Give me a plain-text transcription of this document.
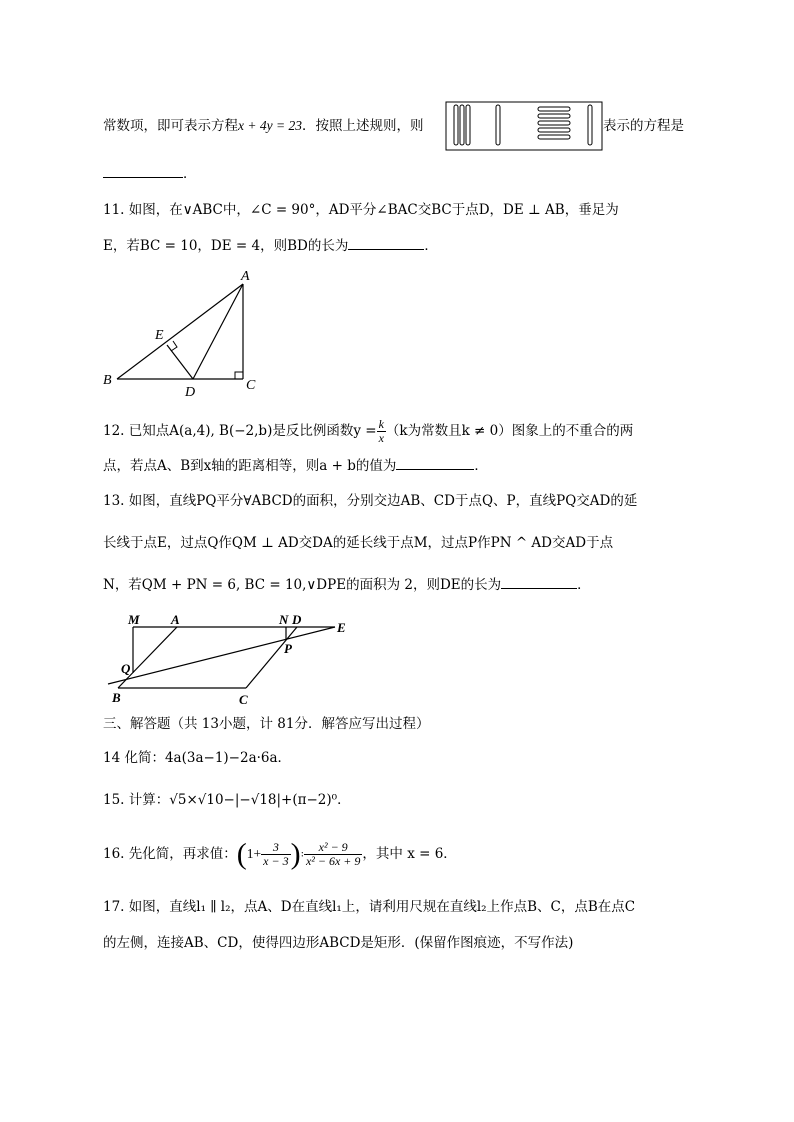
常数项，即可表示方程x + 4y = 23．按照上述规则，则	表示的方程是
．
11. 如图，在∨ABC中，∠C = 90°，AD平分∠BAC交BC于点D，DE ⊥ AB，垂足为
E，若BC = 10，DE = 4，则BD的长为	．
A
B	C
D
E
12. 已知点A(a,4), B(−2,b)是反比例函数$y = \frac{k}{x} (k$为常数且k ≠ 0）图象上的不重合的两
点，若点A、B到x轴的距离相等，则a + b的值为	．
13. 如图，直线PQ平分∀ABCD的面积，分别交边AB、CD于点Q、P，直线PQ交AD的延
长线于点E，过点Q作QM ⊥ AD交DA的延长线于点M，过点P作PN ^ AD交AD于点
N，若QM + PN = 6, BC = 10,∨DPE的面积为 2，则DE的长为	．
M A	N D
E
Q
P
B	C
三、解答题（共 13小题，计 81分．解答应写出过程）
14 化简：4a(3a−1)−2a·6a．
15. 计算：√5×√10−|−√18|+(π−2)⁰．
16. 先化简，再求值：($1+ \frac{3}{x - 3}$ ): $\frac{\text{x² − 9}}{\text{x² − 6x + 9}}$ ，其中 x = 6．
17. 如图，直线l₁ ∥ l₂，点A、D在直线l₁上，请利用尺规在直线l₂上作点B、C，点B在点C
的左侧，连接AB、CD，使得四边形ABCD是矩形．(保留作图痕迹，不写作法)
